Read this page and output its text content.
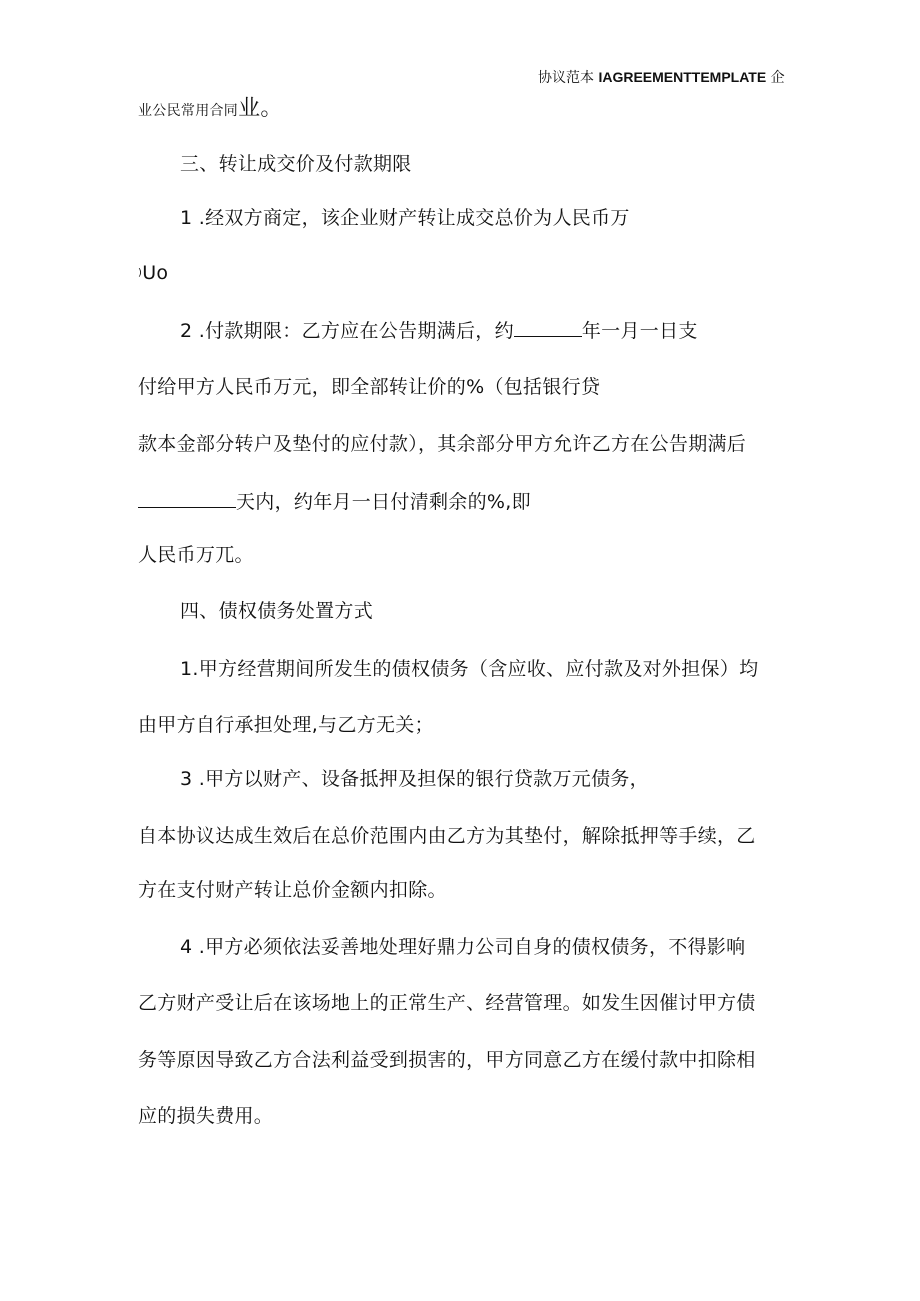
协议范本 IAGREEMENTTEMPLATE 企
业公民常用合同业。
三、转让成交价及付款期限
1 .经双方商定，该企业财产转让成交总价为人民币万
)Uo
2 .付款期限：乙方应在公告期满后，约	年一月一日支
付给甲方人民币万元，即全部转让价的%（包括银行贷
款本金部分转户及垫付的应付款），其余部分甲方允许乙方在公告期满后
天内，约年月一日付清剩余的%,即
人民币万兀。
四、债权债务处置方式
1.甲方经营期间所发生的债权债务（含应收、应付款及对外担保）均
由甲方自行承担处理,与乙方无关；
3 .甲方以财产、设备抵押及担保的银行贷款万元债务，
自本协议达成生效后在总价范围内由乙方为其垫付，解除抵押等手续，乙
方在支付财产转让总价金额内扣除。
4 .甲方必须依法妥善地处理好鼎力公司自身的债权债务，不得影响
乙方财产受让后在该场地上的正常生产、经营管理。如发生因催讨甲方债
务等原因导致乙方合法利益受到损害的，甲方同意乙方在缓付款中扣除相
应的损失费用。
